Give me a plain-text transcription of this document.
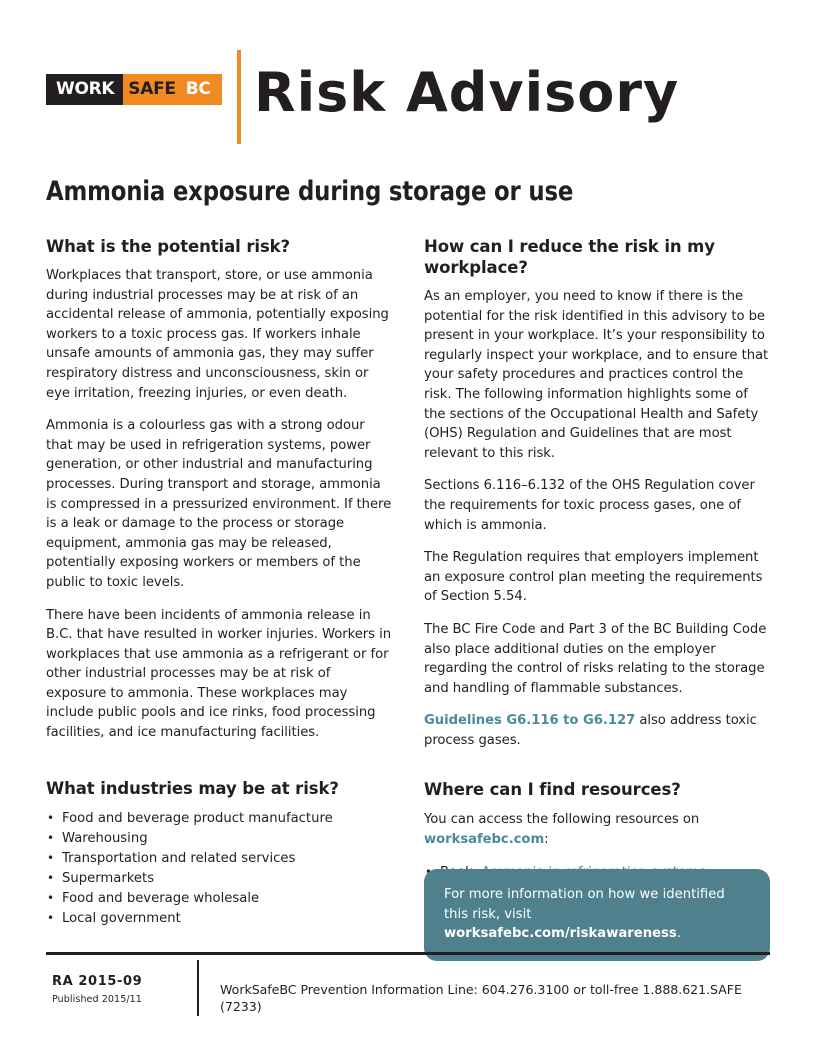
WORK SAFE BC Risk Advisory
Ammonia exposure during storage or use
What is the potential risk?

Workplaces that transport, store, or use ammonia during industrial processes may be at risk of an accidental release of ammonia, potentially exposing workers to a toxic process gas. If workers inhale unsafe amounts of ammonia gas, they may suffer respiratory distress and unconsciousness, skin or eye irritation, freezing injuries, or even death.

Ammonia is a colourless gas with a strong odour that may be used in refrigeration systems, power generation, or other industrial and manufacturing processes. During transport and storage, ammonia is compressed in a pressurized environment. If there is a leak or damage to the process or storage equipment, ammonia gas may be released, potentially exposing workers or members of the public to toxic levels.

There have been incidents of ammonia release in B.C. that have resulted in worker injuries. Workers in workplaces that use ammonia as a refrigerant or for other industrial processes may be at risk of exposure to ammonia. These workplaces may include public pools and ice rinks, food processing facilities, and ice manufacturing facilities.

What industries may be at risk?
• Food and beverage product manufacture
• Warehousing
• Transportation and related services
• Supermarkets
• Food and beverage wholesale
• Local government
How can I reduce the risk in my workplace?

As an employer, you need to know if there is the potential for the risk identified in this advisory to be present in your workplace. It’s your responsibility to regularly inspect your workplace, and to ensure that your safety procedures and practices control the risk. The following information highlights some of the sections of the Occupational Health and Safety (OHS) Regulation and Guidelines that are most relevant to this risk.

Sections 6.116–6.132 of the OHS Regulation cover the requirements for toxic process gases, one of which is ammonia.

The Regulation requires that employers implement an exposure control plan meeting the requirements of Section 5.54.

The BC Fire Code and Part 3 of the BC Building Code also place additional duties on the employer regarding the control of risks relating to the storage and handling of flammable substances.

Guidelines G6.116 to G6.127 also address toxic process gases.

Where can I find resources?

You can access the following resources on worksafebc.com:

•
For more information on how we identified this risk, visit worksafebc.com/riskawareness.
RA 2015-09
Published 2015/11
WorkSafeBC Prevention Information Line: 604.276.3100 or toll-free 1.888.621.SAFE (7233)
